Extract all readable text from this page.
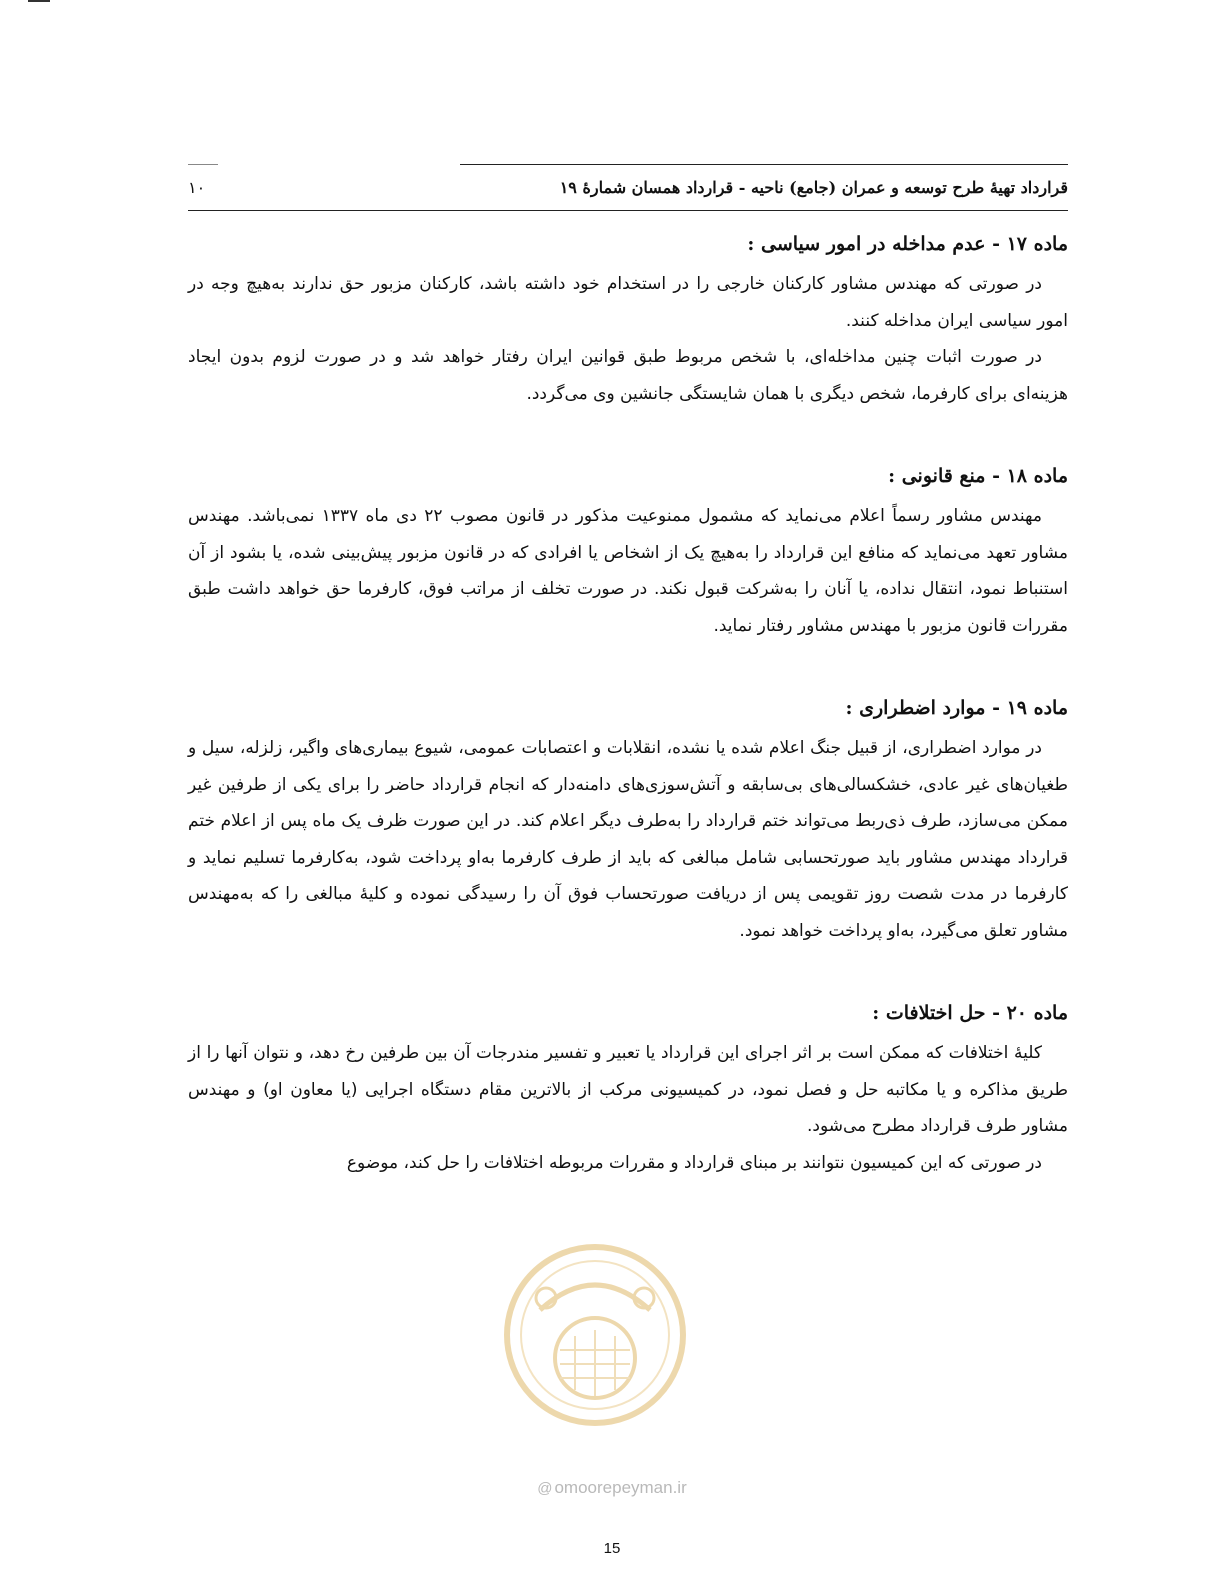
قرارداد تهیهٔ طرح توسعه و عمران (جامع) ناحیه - قرارداد همسان شمارهٔ ۱۹
۱۰
ماده ۱۷ - عدم مداخله در امور سیاسی :

در صورتی که مهندس مشاور کارکنان خارجی را در استخدام خود داشته باشد، کارکنان مزبور حق ندارند به‌هیچ وجه در امور سیاسی ایران مداخله کنند.

در صورت اثبات چنین مداخله‌ای، با شخص مربوط طبق قوانین ایران رفتار خواهد شد و در صورت لزوم بدون ایجاد هزینه‌ای برای کارفرما، شخص دیگری با همان شایستگی جانشین وی می‌گردد.

ماده ۱۸ - منع قانونی :

مهندس مشاور رسماً اعلام می‌نماید که مشمول ممنوعیت مذکور در قانون مصوب ۲۲ دی ماه ۱۳۳۷ نمی‌باشد. مهندس مشاور تعهد می‌نماید که منافع این قرارداد را به‌هیچ یک از اشخاص یا افرادی که در قانون مزبور پیش‌بینی شده، یا بشود از آن استنباط نمود، انتقال نداده، یا آنان را به‌شرکت قبول نکند. در صورت تخلف از مراتب فوق، کارفرما حق خواهد داشت طبق مقررات قانون مزبور با مهندس مشاور رفتار نماید.

ماده ۱۹ - موارد اضطراری :

در موارد اضطراری، از قبیل جنگ اعلام شده یا نشده، انقلابات و اعتصابات عمومی، شیوع بیماری‌های واگیر، زلزله، سیل و طغیان‌های غیر عادی، خشکسالی‌های بی‌سابقه و آتش‌سوزی‌های دامنه‌دار که انجام قرارداد حاضر را برای یکی از طرفین غیر ممکن می‌سازد، طرف ذی‌ربط می‌تواند ختم قرارداد را به‌طرف دیگر اعلام کند. در این صورت ظرف یک ماه پس از اعلام ختم قرارداد مهندس مشاور باید صورتحسابی شامل مبالغی که باید از طرف کارفرما به‌او پرداخت شود، به‌کارفرما تسلیم نماید و کارفرما در مدت شصت روز تقویمی پس از دریافت صورتحساب فوق آن را رسیدگی نموده و کلیهٔ مبالغی را که به‌مهندس مشاور تعلق می‌گیرد، به‌او پرداخت خواهد نمود.

ماده ۲۰ - حل اختلافات :

کلیهٔ اختلافات که ممکن است بر اثر اجرای این قرارداد یا تعبیر و تفسیر مندرجات آن بین طرفین رخ دهد، و نتوان آنها را از طریق مذاکره و یا مکاتبه حل و فصل نمود، در کمیسیونی مرکب از بالاترین مقام دستگاه اجرایی (یا معاون او) و مهندس مشاور طرف قرارداد مطرح می‌شود.

در صورتی که این کمیسیون نتوانند بر مبنای قرارداد و مقررات مربوطه اختلافات را حل کند، موضوع

@ omoorepeyman.ir
15
